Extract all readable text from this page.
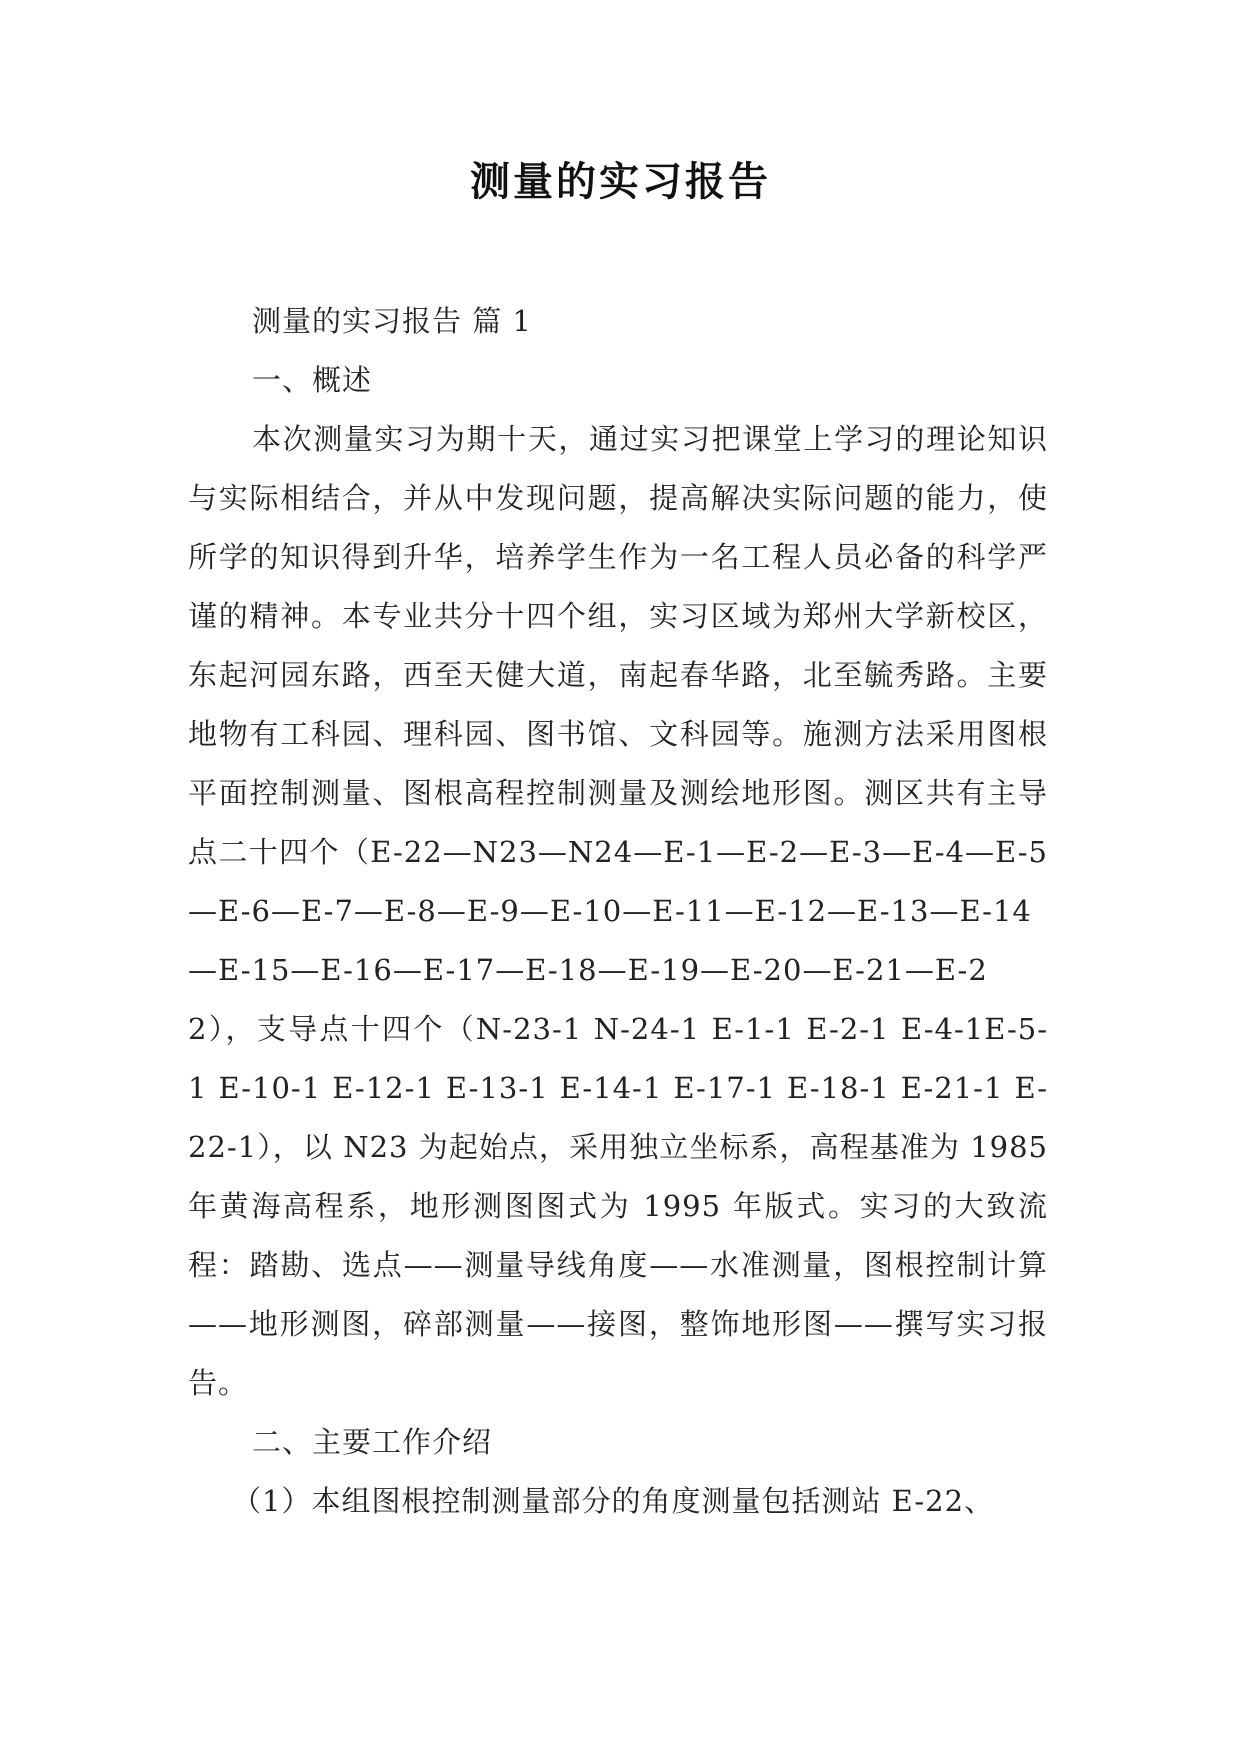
测量的实习报告

测量的实习报告 篇 1

一、概述

本次测量实习为期十天，通过实习把课堂上学习的理论知识与实际相结合，并从中发现问题，提高解决实际问题的能力，使所学的知识得到升华，培养学生作为一名工程人员必备的科学严谨的精神。本专业共分十四个组，实习区域为郑州大学新校区，东起河园东路，西至天健大道，南起春华路，北至毓秀路。主要地物有工科园、理科园、图书馆、文科园等。施测方法采用图根平面控制测量、图根高程控制测量及测绘地形图。测区共有主导点二十四个（E-22—N23—N24—E-1—E-2—E-3—E-4—E-5—E-6—E-7—E-8—E-9—E-10—E-11—E-12—E-13—E-14—E-15—E-16—E-17—E-18—E-19—E-20—E-21—E-22），支导点十四个（N-23-1 N-24-1 E-1-1 E-2-1 E-4-1E-5-1 E-10-1 E-12-1 E-13-1 E-14-1 E-17-1 E-18-1 E-21-1 E-22-1），以 N23 为起始点，采用独立坐标系，高程基准为 1985 年黄海高程系，地形测图图式为 1995 年版式。实习的大致流程：踏勘、选点——测量导线角度——水准测量，图根控制计算——地形测图，碎部测量——接图，整饰地形图——撰写实习报告。

二、主要工作介绍

（1）本组图根控制测量部分的角度测量包括测站 E-22、
